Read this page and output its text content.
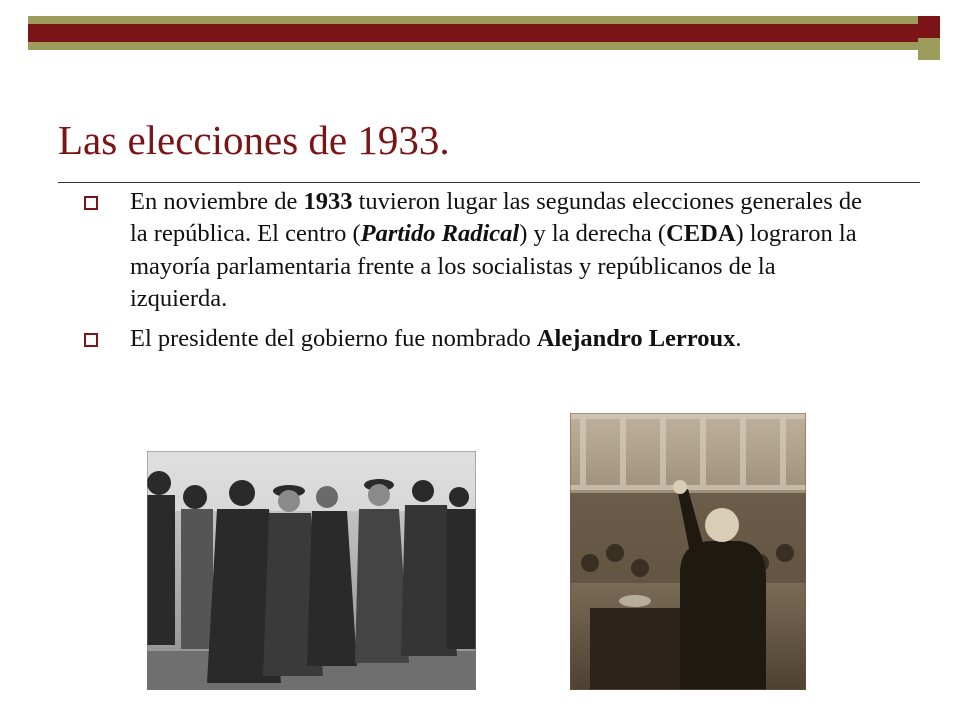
Las elecciones de 1933.
En noviembre de 1933 tuvieron lugar las segundas elecciones generales de la república. El centro (Partido Radical) y la derecha (CEDA) lograron la mayoría parlamentaria frente a los socialistas y repúblicanos de la izquierda.
El presidente del gobierno fue nombrado Alejandro Lerroux.
